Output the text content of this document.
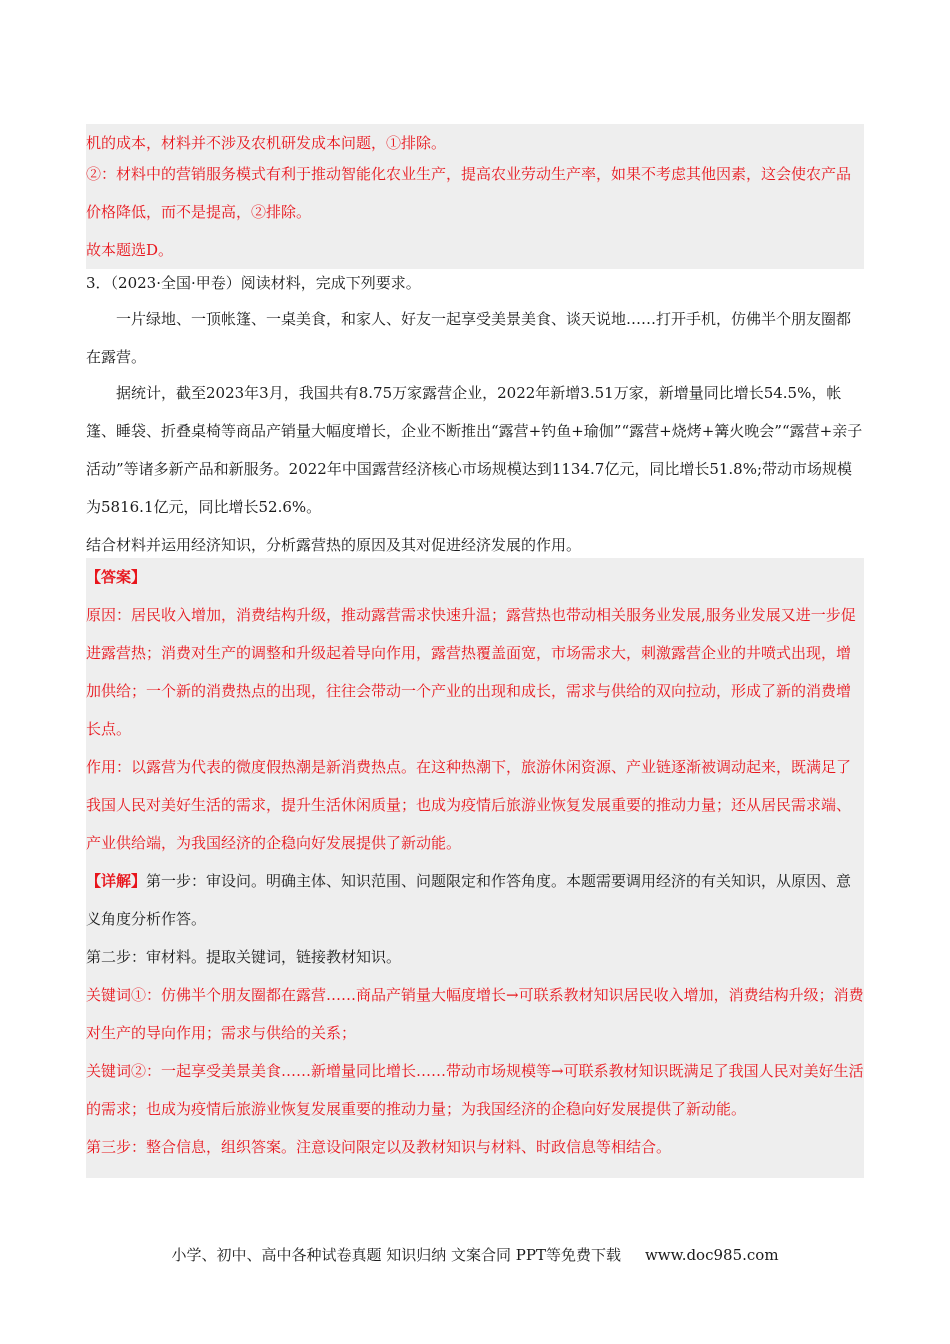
机的成本，材料并不涉及农机研发成本问题，①排除。

②：材料中的营销服务模式有利于推动智能化农业生产，提高农业劳动生产率，如果不考虑其他因素，这会使农产品价格降低，而不是提高，②排除。

故本题选D。

3．（2023·全国·甲卷）阅读材料，完成下列要求。

一片绿地、一顶帐篷、一桌美食，和家人、好友一起享受美景美食、谈天说地……打开手机，仿佛半个朋友圈都在露营。

据统计，截至2023年3月，我国共有8.75万家露营企业，2022年新增3.51万家，新增量同比增长54.5%，帐篷、睡袋、折叠桌椅等商品产销量大幅度增长，企业不断推出“露营+钓鱼+瑜伽”“露营+烧烤+篝火晚会”“露营+亲子活动”等诸多新产品和新服务。2022年中国露营经济核心市场规模达到1134.7亿元，同比增长51.8%;带动市场规模为5816.1亿元，同比增长52.6%。

结合材料并运用经济知识，分析露营热的原因及其对促进经济发展的作用。

【答案】
原因：居民收入增加，消费结构升级，推动露营需求快速升温；露营热也带动相关服务业发展,服务业发展又进一步促进露营热；消费对生产的调整和升级起着导向作用，露营热覆盖面宽，市场需求大，刺激露营企业的井喷式出现，增加供给；一个新的消费热点的出现，往往会带动一个产业的出现和成长，需求与供给的双向拉动，形成了新的消费增长点。
作用：以露营为代表的微度假热潮是新消费热点。在这种热潮下，旅游休闲资源、产业链逐渐被调动起来，既满足了我国人民对美好生活的需求，提升生活休闲质量；也成为疫情后旅游业恢复发展重要的推动力量；还从居民需求端、产业供给端，为我国经济的企稳向好发展提供了新动能。
【详解】第一步：审设问。明确主体、知识范围、问题限定和作答角度。本题需要调用经济的有关知识，从原因、意义角度分析作答。
第二步：审材料。提取关键词，链接教材知识。
关键词①：仿佛半个朋友圈都在露营……商品产销量大幅度增长→可联系教材知识居民收入增加，消费结构升级；消费对生产的导向作用；需求与供给的关系；
关键词②：一起享受美景美食……新增量同比增长……带动市场规模等→可联系教材知识既满足了我国人民对美好生活的需求；也成为疫情后旅游业恢复发展重要的推动力量；为我国经济的企稳向好发展提供了新动能。
第三步：整合信息，组织答案。注意设问限定以及教材知识与材料、时政信息等相结合。
小学、初中、高中各种试卷真题 知识归纳 文案合同 PPT等免费下载 www.doc985.com
